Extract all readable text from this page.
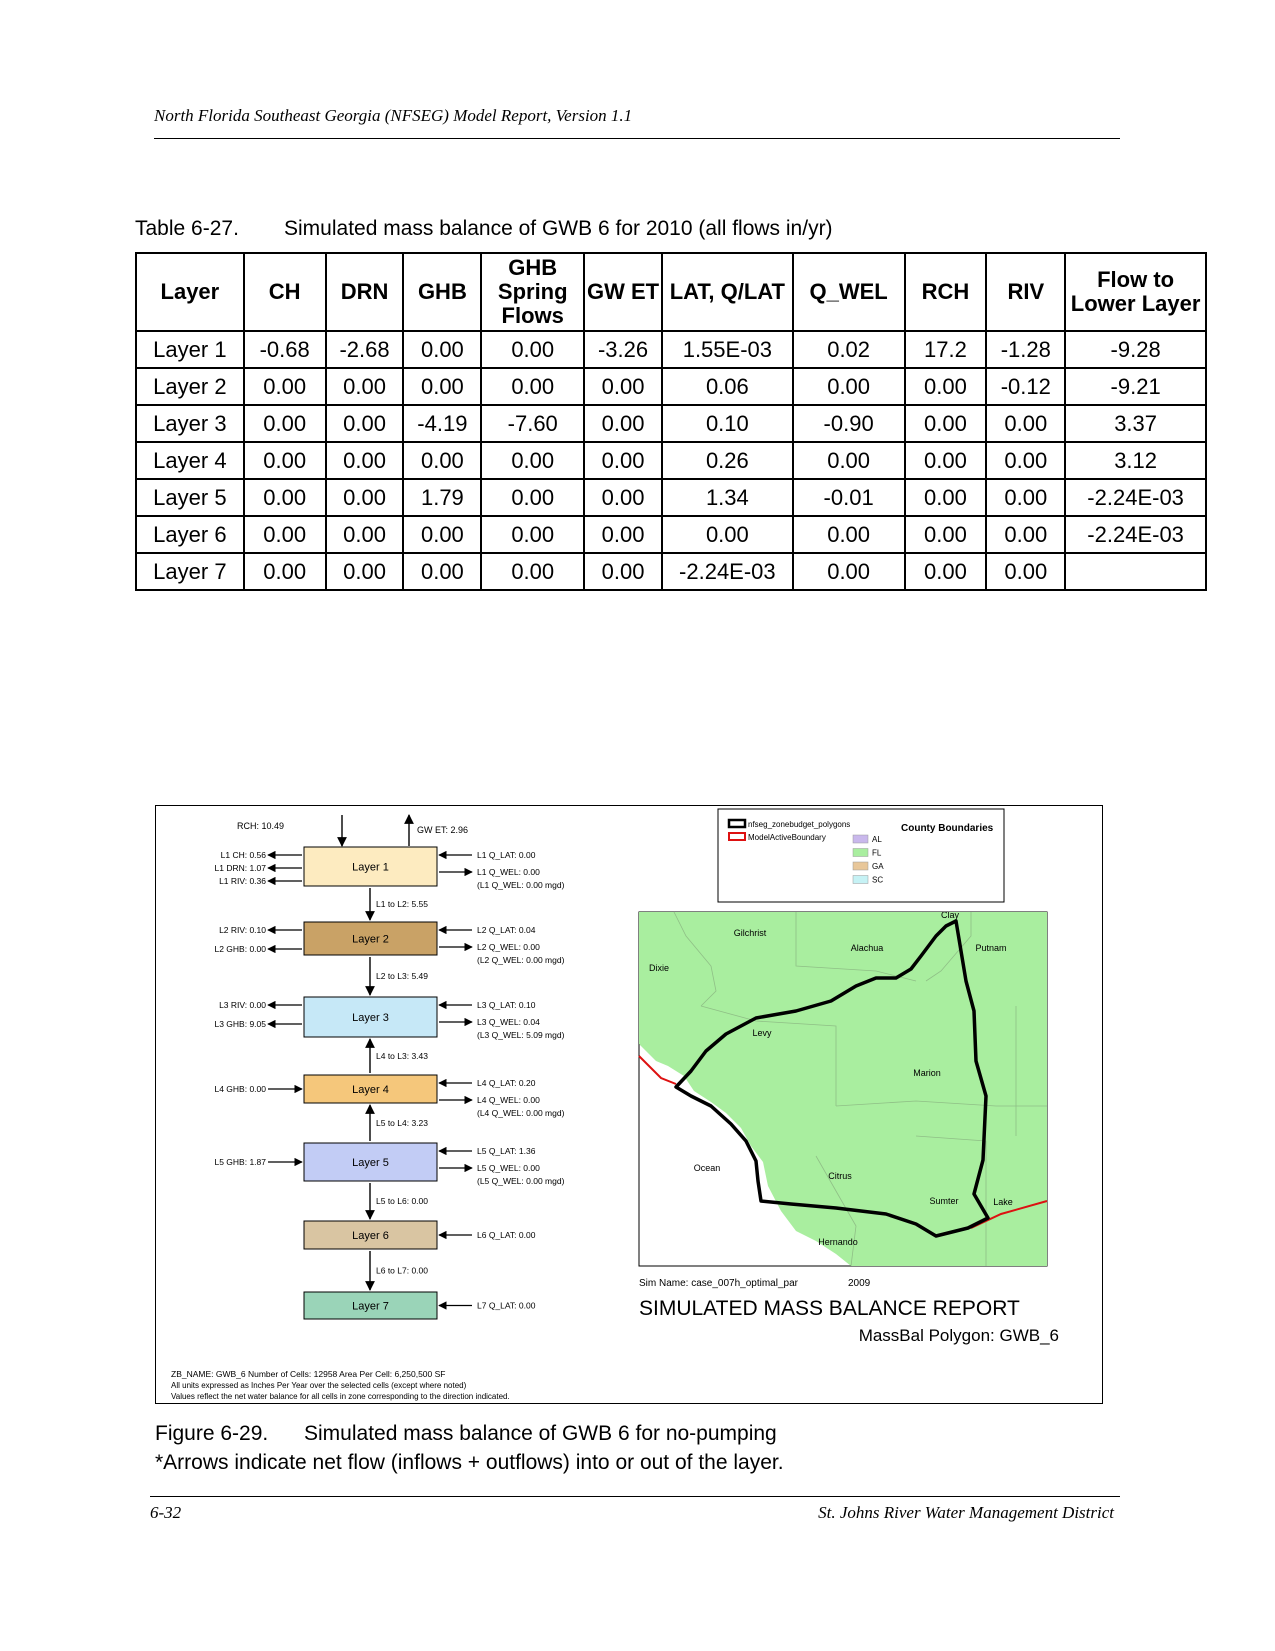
North Florida Southeast Georgia (NFSEG) Model Report, Version 1.1
Table 6-27. Simulated mass balance of GWB 6 for 2010 (all flows in/yr)
Layer	CH	DRN	GHB	GHB Spring Flows	GW ET	LAT, Q/LAT	Q_WEL	RCH	RIV	Flow to Lower Layer
Layer 1	-0.68	-2.68	0.00	0.00	-3.26	1.55E-03	0.02	17.2	-1.28	-9.28
Layer 2	0.00	0.00	0.00	0.00	0.00	0.06	0.00	0.00	-0.12	-9.21
Layer 3	0.00	0.00	-4.19	-7.60	0.00	0.10	-0.90	0.00	0.00	3.37
Layer 4	0.00	0.00	0.00	0.00	0.00	0.26	0.00	0.00	0.00	3.12
Layer 5	0.00	0.00	1.79	0.00	0.00	1.34	-0.01	0.00	0.00	-2.24E-03
Layer 6	0.00	0.00	0.00	0.00	0.00	0.00	0.00	0.00	0.00	-2.24E-03
Layer 7	0.00	0.00	0.00	0.00	0.00	-2.24E-03	0.00	0.00	0.00	
RCH: 10.49	GW ET: 2.96
Layer 1
L1 CH: 0.56
L1 DRN: 1.07
L1 RIV: 0.36
L1 Q_LAT: 0.00
L1 Q_WEL: 0.00
(L1 Q_WEL: 0.00 mgd)
L1 to L2: 5.55
Layer 2
L2 RIV: 0.10
L2 GHB: 0.00
L2 Q_LAT: 0.04
L2 Q_WEL: 0.00
(L2 Q_WEL: 0.00 mgd)
L2 to L3: 5.49
Layer 3
L3 RIV: 0.00
L3 GHB: 9.05
L3 Q_LAT: 0.10
L3 Q_WEL: 0.04
(L3 Q_WEL: 5.09 mgd)
L4 to L3: 3.43
Layer 4
L4 GHB: 0.00
L4 Q_LAT: 0.20
L4 Q_WEL: 0.00
(L4 Q_WEL: 0.00 mgd)
L5 to L4: 3.23
Layer 5
L5 GHB: 1.87
L5 Q_LAT: 1.36
L5 Q_WEL: 0.00
(L5 Q_WEL: 0.00 mgd)
L5 to L6: 0.00
Layer 6	L6 Q_LAT: 0.00
L6 to L7: 0.00
Layer 7	L7 Q_LAT: 0.00
nfseg_zonebudget_polygons
ModelActiveBoundary
County Boundaries
AL
FL
GA
SC
Clay
Gilchrist
Alachua	Putnam
Dixie
Levy
Marion
Ocean
Citrus
Sumter	Lake
Hernando
Sim Name: case_007h_optimal_par	2009
SIMULATED MASS BALANCE REPORT
MassBal Polygon: GWB_6
ZB_NAME: GWB_6 Number of Cells: 12958 Area Per Cell: 6,250,500 SF
All units expressed as Inches Per Year over the selected cells (except where noted)
Values reflect the net water balance for all cells in zone corresponding to the direction indicated.
Figure 6-29. Simulated mass balance of GWB 6 for no-pumping
*Arrows indicate net flow (inflows + outflows) into or out of the layer.
6-32	St. Johns River Water Management District
